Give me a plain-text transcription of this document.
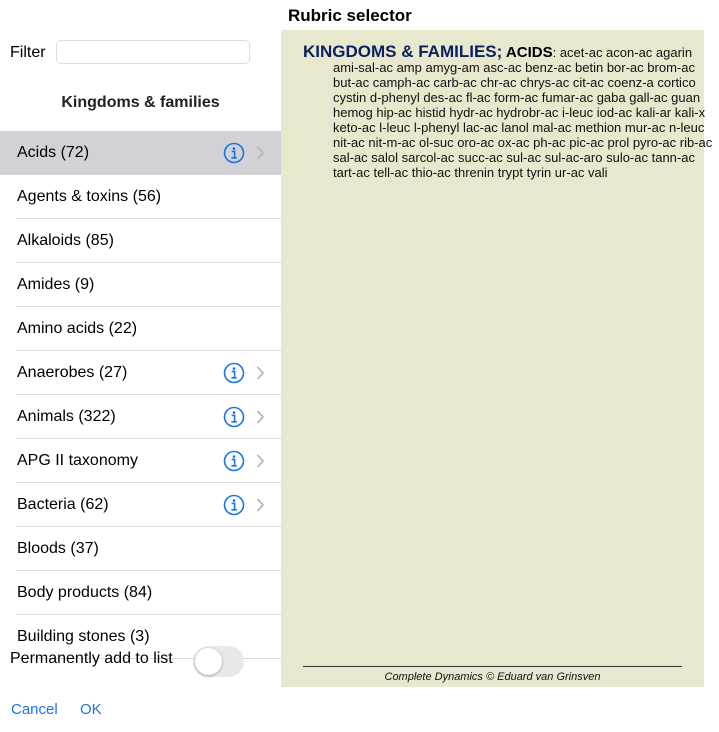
Rubric selector
Filter
Kingdoms & families
Acids (72)
Agents & toxins (56)
Alkaloids (85)
Amides (9)
Amino acids (22)
Anaerobes (27)
Animals (322)
APG II taxonomy
Bacteria (62)
Bloods (37)
Body products (84)
Building stones (3)
Permanently add to list
Cancel OK
KINGDOMS & FAMILIES; ACIDS: acet-ac acon-ac agarin ami-sal-ac amp amyg-am asc-ac benz-ac betin bor-ac brom-ac but-ac camph-ac carb-ac chr-ac chrys-ac cit-ac coenz-a cortico cystin d-phenyl des-ac fl-ac form-ac fumar-ac gaba gall-ac guan hemog hip-ac histid hydr-ac hydrobr-ac i-leuc iod-ac kali-ar kali-x keto-ac l-leuc l-phenyl lac-ac lanol mal-ac methion mur-ac n-leuc nit-ac nit-m-ac ol-suc oro-ac ox-ac ph-ac pic-ac prol pyro-ac rib-ac sal-ac salol sarcol-ac succ-ac sul-ac sul-ac-aro sulo-ac tann-ac tart-ac tell-ac thio-ac threnin trypt tyrin ur-ac vali
Complete Dynamics © Eduard van Grinsven
